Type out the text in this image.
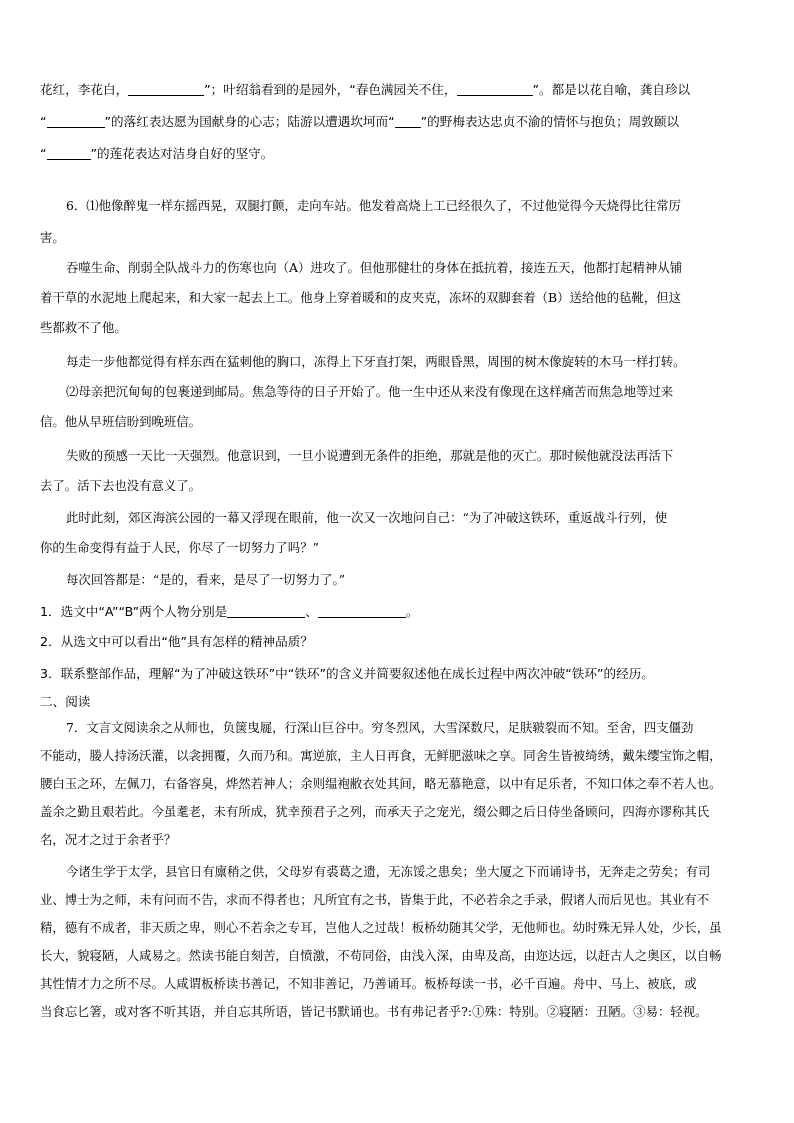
花红，李花白，	”；叶绍翁看到的是园外，“春色满园关不住，	”。都是以花自喻，龚自珍以
“	”的落红表达愿为国献身的心志；陆游以遭遇坎坷而“ ”的野梅表达忠贞不渝的情怀与抱负；周敦颐以
“	”的莲花表达对洁身自好的坚守。
6．⑴他像醉鬼一样东摇西晃，双腿打颤，走向车站。他发着高烧上工已经很久了，不过他觉得今天烧得比往常厉
害。
吞噬生命、削弱全队战斗力的伤寒也向（A）进攻了。但他那健壮的身体在抵抗着，接连五天，他都打起精神从铺
着干草的水泥地上爬起来，和大家一起去上工。他身上穿着暖和的皮夹克，冻坏的双脚套着（B）送给他的毡靴，但这
些都救不了他。
每走一步他都觉得有样东西在猛刺他的胸口，冻得上下牙直打架，两眼昏黑，周围的树木像旋转的木马一样打转。
⑵母亲把沉甸甸的包裹递到邮局。焦急等待的日子开始了。他一生中还从来没有像现在这样痛苦而焦急地等过来
信。他从早班信盼到晚班信。
失败的预感一天比一天强烈。他意识到，一旦小说遭到无条件的拒绝，那就是他的灭亡。那时候他就没法再活下
去了。活下去也没有意义了。
此时此刻，郊区海滨公园的一幕又浮现在眼前，他一次又一次地问自己：“为了冲破这铁环，重返战斗行列，使
你的生命变得有益于人民，你尽了一切努力了吗？”
每次回答都是：“是的，看来，是尽了一切努力了。”
1．选文中“A”“B”两个人物分别是	、	。
2．从选文中可以看出“他”具有怎样的精神品质？
3．联系整部作品，理解“为了冲破这铁环”中“铁环”的含义并简要叙述他在成长过程中两次冲破“铁环”的经历。
二、阅读
7．文言文阅读余之从师也，负箧曳屣，行深山巨谷中。穷冬烈风，大雪深数尺，足肤皲裂而不知。至舍，四支僵劲
不能动，媵人持汤沃灌，以衾拥覆，久而乃和。寓逆旅，主人日再食，无鲜肥滋味之享。同舍生皆被绮绣，戴朱缨宝饰之帽，
腰白玉之环，左佩刀，右备容臭，烨然若神人；余则缊袍敝衣处其间，略无慕艳意，以中有足乐者，不知口体之奉不若人也。
盖余之勤且艰若此。今虽耄老，未有所成，犹幸预君子之列，而承天子之宠光，缀公卿之后日侍坐备顾问，四海亦谬称其氏
名，况才之过于余者乎？
今诸生学于太学，县官日有廪稍之供，父母岁有裘葛之遗，无冻馁之患矣；坐大厦之下而诵诗书，无奔走之劳矣；有司
业、博士为之师，未有问而不告，求而不得者也；凡所宜有之书，皆集于此，不必若余之手录，假诸人而后见也。其业有不
精，德有不成者，非天质之卑，则心不若余之专耳，岂他人之过哉！板桥幼随其父学，无他师也。幼时殊无异人处，少长，虽
长大，貌寝陋，人咸易之。然读书能自刻苦，自愤激，不苟同俗，由浅入深，由卑及高，由迩达远，以赶古人之奥区，以自畅
其性情才力之所不尽。人咸谓板桥读书善记，不知非善记，乃善诵耳。板桥每读一书，必千百遍。舟中、马上、被底，或
当食忘匕箸，或对客不听其语，并自忘其所语，皆记书默诵也。书有弗记者乎?:①殊：特别。②寝陋：丑陋。③易：轻视。
